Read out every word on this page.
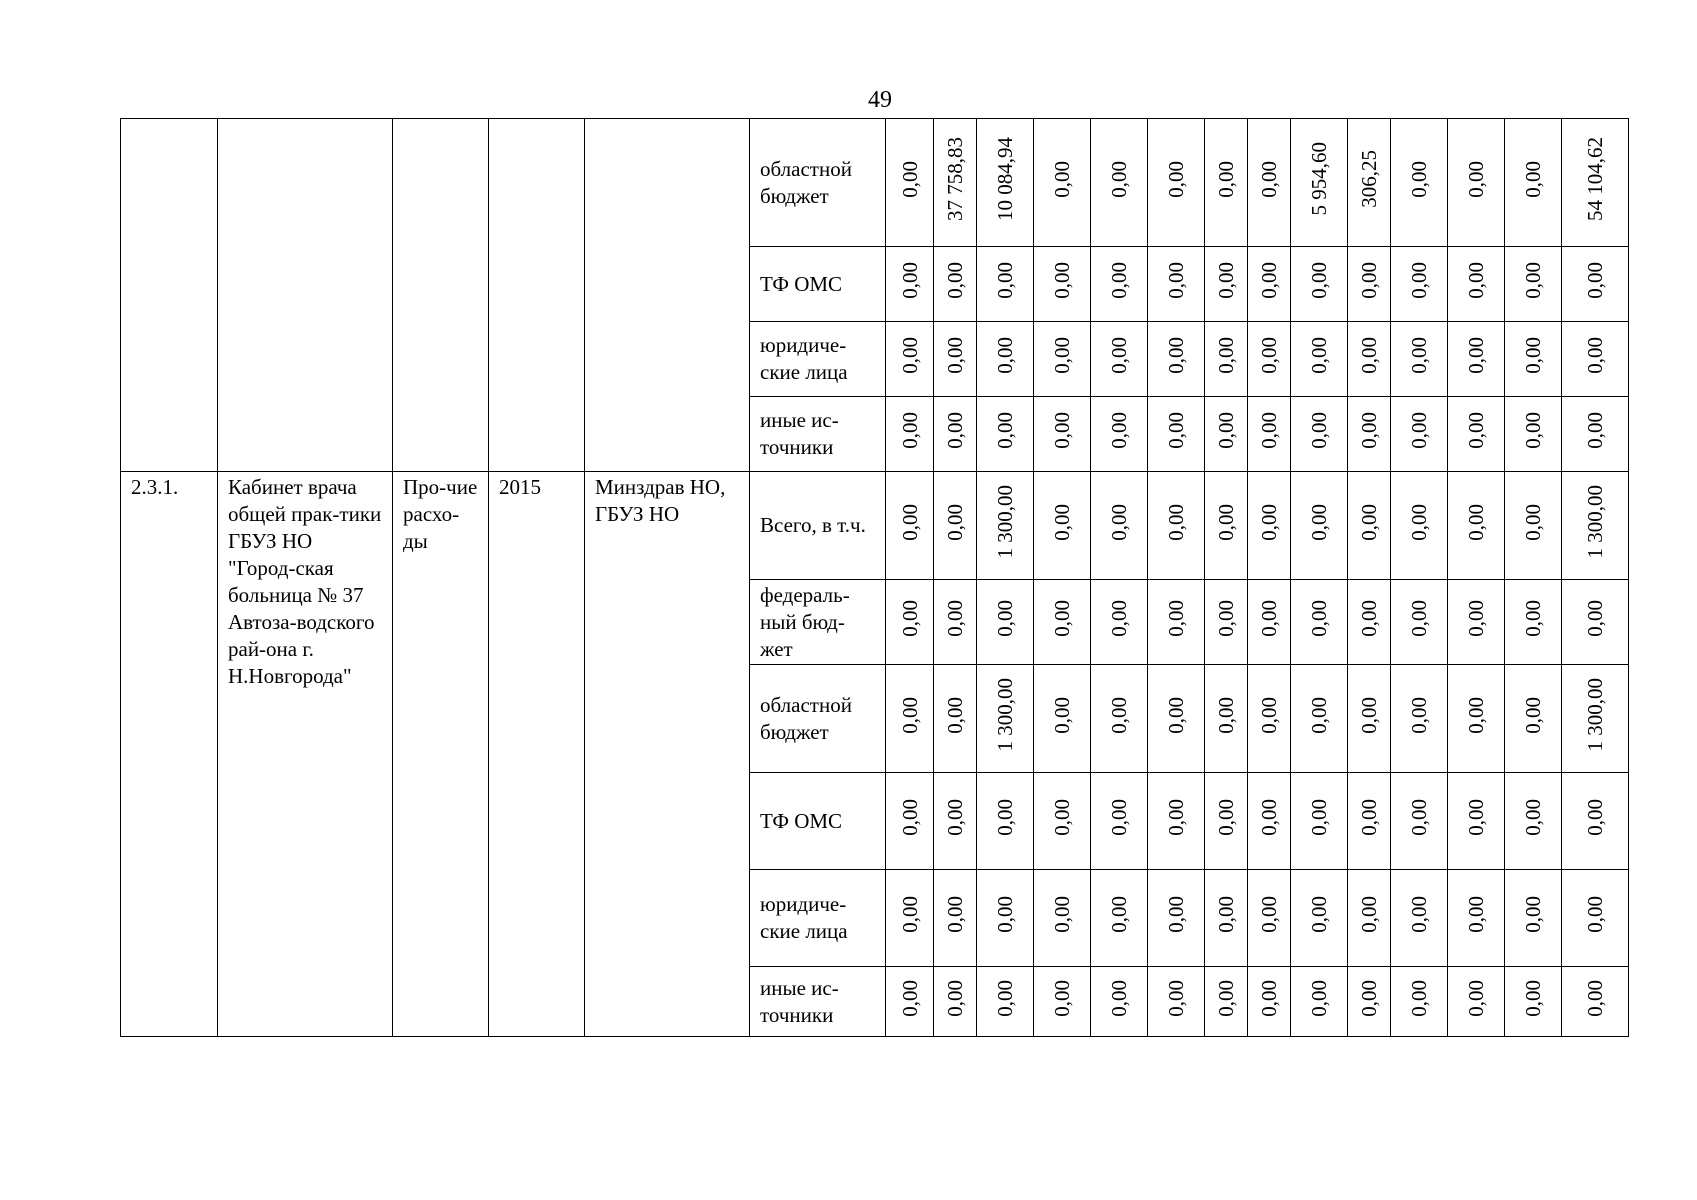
49
					областной бюджет	0,00	37 758,83	10 084,94	0,00	0,00	0,00	0,00	0,00	5 954,60	306,25	0,00	0,00	0,00	54 104,62
					ТФ ОМС	0,00	0,00	0,00	0,00	0,00	0,00	0,00	0,00	0,00	0,00	0,00	0,00	0,00	0,00
					юридиче-ские лица	0,00	0,00	0,00	0,00	0,00	0,00	0,00	0,00	0,00	0,00	0,00	0,00	0,00	0,00
					иные ис-точники	0,00	0,00	0,00	0,00	0,00	0,00	0,00	0,00	0,00	0,00	0,00	0,00	0,00	0,00
2.3.1.	Кабинет врача общей прак-тики ГБУЗ НО "Город-ская больница № 37 Автоза-водского рай-она г. Н.Новгорода"	Про-чие расхо-ды	2015	Минздрав НО, ГБУЗ НО	Всего, в т.ч.	0,00	0,00	1 300,00	0,00	0,00	0,00	0,00	0,00	0,00	0,00	0,00	0,00	0,00	1 300,00
					федераль-ный бюд-жет	0,00	0,00	0,00	0,00	0,00	0,00	0,00	0,00	0,00	0,00	0,00	0,00	0,00	0,00
					областной бюджет	0,00	0,00	1 300,00	0,00	0,00	0,00	0,00	0,00	0,00	0,00	0,00	0,00	0,00	1 300,00
					ТФ ОМС	0,00	0,00	0,00	0,00	0,00	0,00	0,00	0,00	0,00	0,00	0,00	0,00	0,00	0,00
					юридиче-ские лица	0,00	0,00	0,00	0,00	0,00	0,00	0,00	0,00	0,00	0,00	0,00	0,00	0,00	0,00
					иные ис-точники	0,00	0,00	0,00	0,00	0,00	0,00	0,00	0,00	0,00	0,00	0,00	0,00	0,00	0,00
